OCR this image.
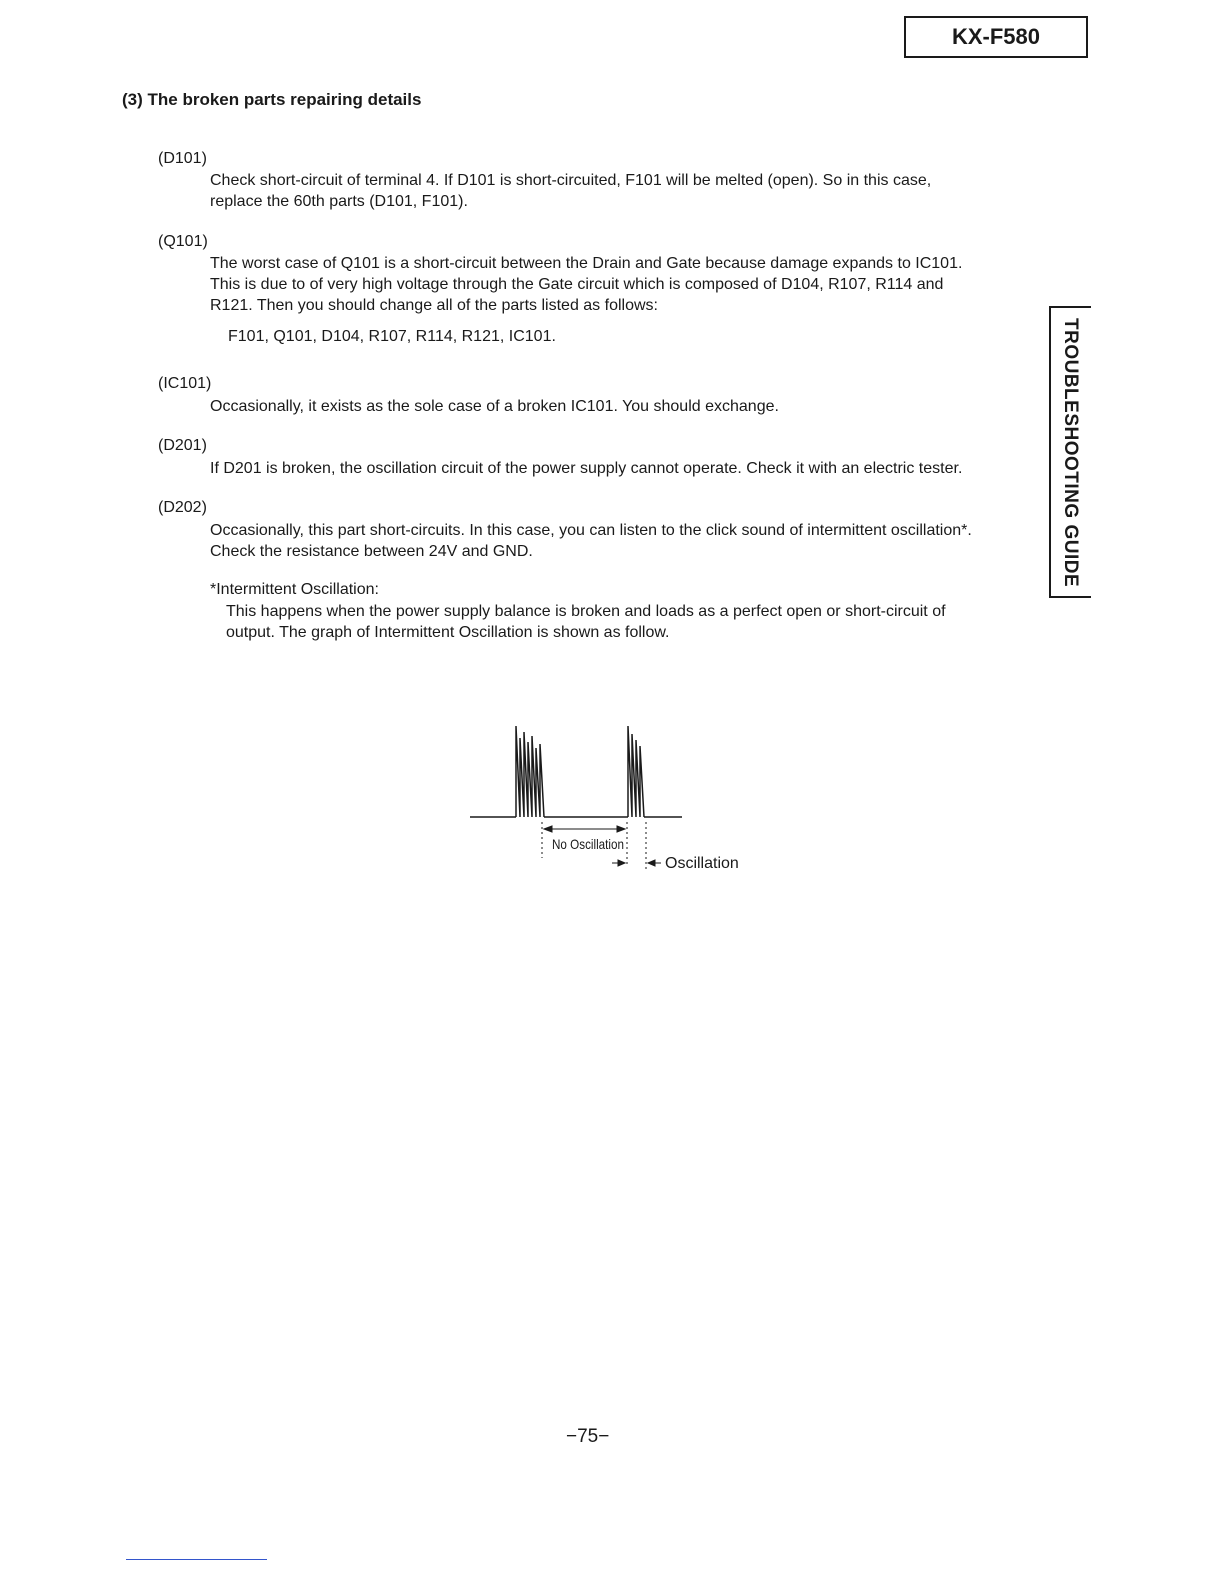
KX-F580
(3) The broken parts repairing details
(D101)
Check short-circuit of terminal 4. If D101 is short-circuited, F101 will be melted (open). So in this case,
replace the 60th parts (D101, F101).
(Q101)
The worst case of Q101 is a short-circuit between the Drain and Gate because damage expands to IC101.
This is due to of very high voltage through the Gate circuit which is composed of D104, R107, R114 and
R121. Then you should change all of the parts listed as follows:
F101, Q101, D104, R107, R114, R121, IC101.
(IC101)
Occasionally, it exists as the sole case of a broken IC101. You should exchange.
(D201)
If D201 is broken, the oscillation circuit of the power supply cannot operate. Check it with an electric tester.
(D202)
Occasionally, this part short-circuits. In this case, you can listen to the click sound of intermittent oscillation*.
Check the resistance between 24V and GND.
*Intermittent Oscillation:
This happens when the power supply balance is broken and loads as a perfect open or short-circuit of
output. The graph of Intermittent Oscillation is shown as follow.
No Oscillation
Oscillation
TROUBLESHOOTING GUIDE
−75−
